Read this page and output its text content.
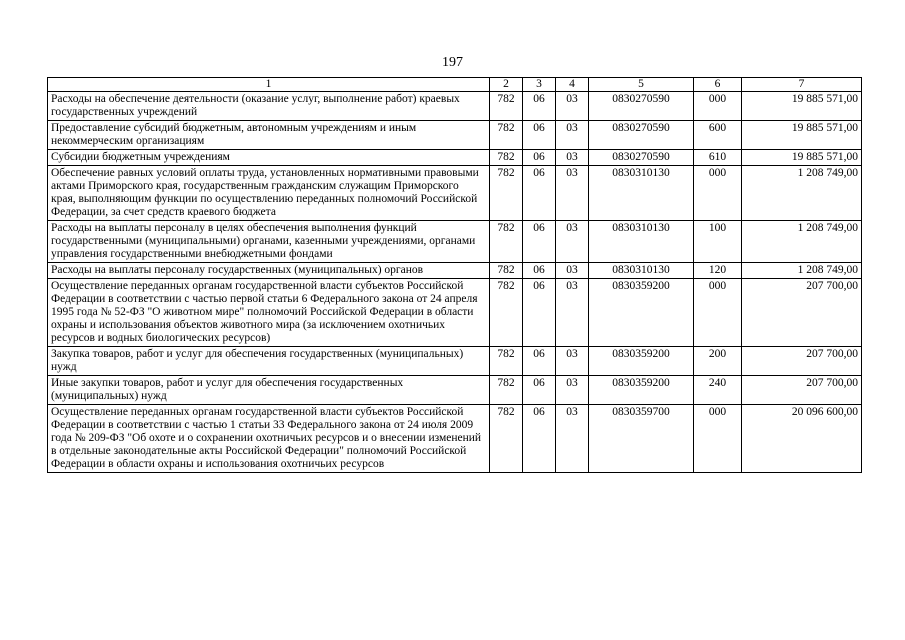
197
1	2	3	4	5	6	7
Расходы на обеспечение деятельности (оказание услуг, выполнение работ) краевых государственных учреждений	782	06	03	0830270590	000	19 885 571,00
Предоставление субсидий бюджетным, автономным учреждениям и иным некоммерческим организациям	782	06	03	0830270590	600	19 885 571,00
Субсидии бюджетным учреждениям	782	06	03	0830270590	610	19 885 571,00
Обеспечение равных условий оплаты труда, установленных нормативными правовыми актами Приморского края, государственным гражданским служащим Приморского края, выполняющим функции по осуществлению переданных полномочий Российской Федерации, за счет средств краевого бюджета	782	06	03	0830310130	000	1 208 749,00
Расходы на выплаты персоналу в целях обеспечения выполнения функций государственными (муниципальными) органами, казенными учреждениями, органами управления государственными внебюджетными фондами	782	06	03	0830310130	100	1 208 749,00
Расходы на выплаты персоналу государственных (муниципальных) органов	782	06	03	0830310130	120	1 208 749,00
Осуществление переданных органам государственной власти субъектов Российской Федерации в соответствии с частью первой статьи 6 Федерального закона от 24 апреля 1995 года № 52-ФЗ "О животном мире" полномочий Российской Федерации в области охраны и использования объектов животного мира (за исключением охотничьих ресурсов и водных биологических ресурсов)	782	06	03	0830359200	000	207 700,00
Закупка товаров, работ и услуг для обеспечения государственных (муниципальных) нужд	782	06	03	0830359200	200	207 700,00
Иные закупки товаров, работ и услуг для обеспечения государственных (муниципальных) нужд	782	06	03	0830359200	240	207 700,00
Осуществление переданных органам государственной власти субъектов Российской Федерации в соответствии с частью 1 статьи 33 Федерального закона от 24 июля 2009 года № 209-ФЗ "Об охоте и о сохранении охотничьих ресурсов и о внесении изменений в отдельные законодательные акты Российской Федерации" полномочий Российской Федерации в области охраны и использования охотничьих ресурсов	782	06	03	0830359700	000	20 096 600,00
